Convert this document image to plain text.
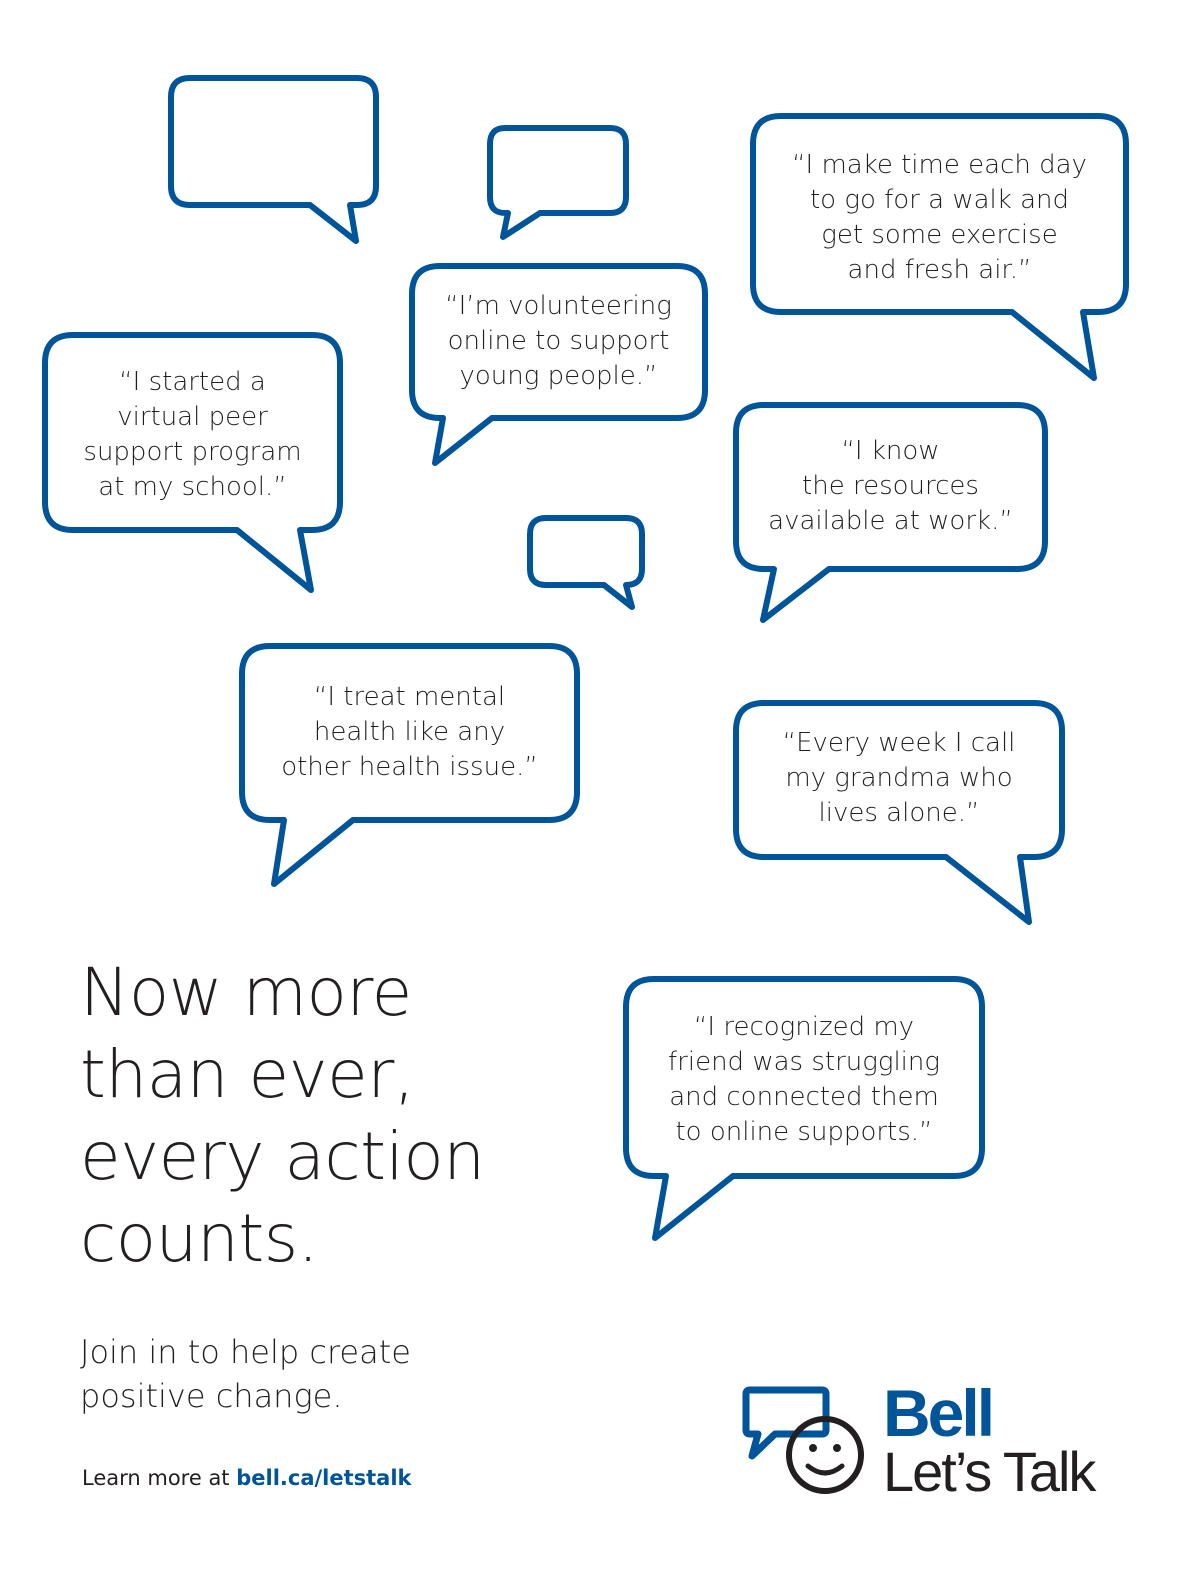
“I make time each day
to go for a walk and
get some exercise
and fresh air.”
“I’m volunteering
online to support
young people.”
“I started a
virtual peer
support program
at my school.”
“I know
the resources
available at work.”
“I treat mental
health like any
other health issue.”
“Every week I call
my grandma who
lives alone.”
“I recognized my
friend was struggling
and connected them
to online supports.”
Now more
than ever,
every action
counts.

Join in to help create
positive change.

Learn more at bell.ca/letstalk
Bell
Let’s Talk
